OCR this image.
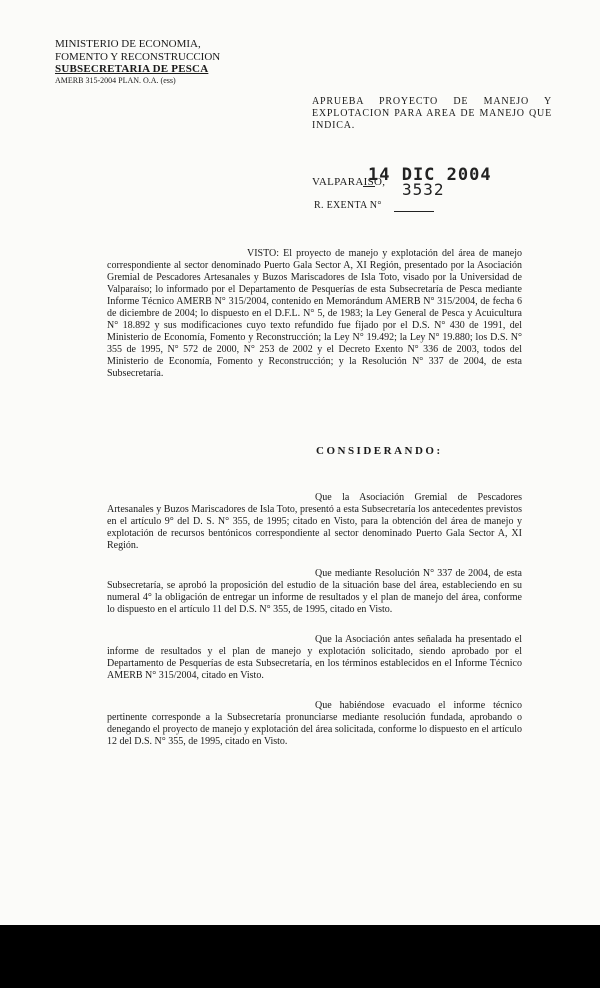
MINISTERIO DE ECONOMIA,
FOMENTO Y RECONSTRUCCION
SUBSECRETARIA DE PESCA
AMERB 315-2004 PLAN. O.A. (ess)
APRUEBA PROYECTO DE MANEJO Y EXPLOTACION PARA AREA DE MANEJO QUE INDICA.
VALPARAISO,
14 DIC 2004
3532
R. EXENTA N°
VISTO: El proyecto de manejo y explotación del área de manejo correspondiente al sector denominado Puerto Gala Sector A, XI Región, presentado por la Asociación Gremial de Pescadores Artesanales y Buzos Mariscadores de Isla Toto, visado por la Universidad de Valparaíso; lo informado por el Departamento de Pesquerías de esta Subsecretaría de Pesca mediante Informe Técnico AMERB N° 315/2004, contenido en Memorándum AMERB N° 315/2004, de fecha 6 de diciembre de 2004; lo dispuesto en el D.F.L. N° 5, de 1983; la Ley General de Pesca y Acuicultura N° 18.892 y sus modificaciones cuyo texto refundido fue fijado por el D.S. N° 430 de 1991, del Ministerio de Economía, Fomento y Reconstrucción; la Ley N° 19.492; la Ley N° 19.880; los D.S. N° 355 de 1995, N° 572 de 2000, N° 253 de 2002 y el Decreto Exento N° 336 de 2003, todos del Ministerio de Economía, Fomento y Reconstrucción; y la Resolución N° 337 de 2004, de esta Subsecretaría.
CONSIDERANDO:
Que la Asociación Gremial de Pescadores Artesanales y Buzos Mariscadores de Isla Toto, presentó a esta Subsecretaría los antecedentes previstos en el artículo 9° del D. S. N° 355, de 1995; citado en Visto, para la obtención del área de manejo y explotación de recursos bentónicos correspondiente al sector denominado Puerto Gala Sector A, XI Región.
Que mediante Resolución N° 337 de 2004, de esta Subsecretaría, se aprobó la proposición del estudio de la situación base del área, estableciendo en su numeral 4° la obligación de entregar un informe de resultados y el plan de manejo del área, conforme lo dispuesto en el artículo 11 del D.S. N° 355, de 1995, citado en Visto.
Que la Asociación antes señalada ha presentado el informe de resultados y el plan de manejo y explotación solicitado, siendo aprobado por el Departamento de Pesquerías de esta Subsecretaría, en los términos establecidos en el Informe Técnico AMERB N° 315/2004, citado en Visto.
Que habiéndose evacuado el informe técnico pertinente corresponde a la Subsecretaría pronunciarse mediante resolución fundada, aprobando o denegando el proyecto de manejo y explotación del área solicitada, conforme lo dispuesto en el artículo 12 del D.S. N° 355, de 1995, citado en Visto.
